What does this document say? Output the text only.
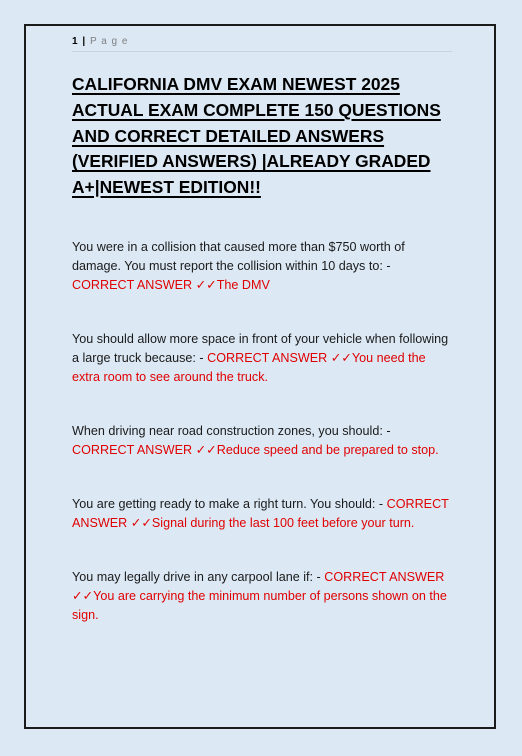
1 | P a g e
CALIFORNIA DMV EXAM NEWEST 2025 ACTUAL EXAM COMPLETE 150 QUESTIONS AND CORRECT DETAILED ANSWERS (VERIFIED ANSWERS) |ALREADY GRADED A+|NEWEST EDITION!!

You were in a collision that caused more than $750 worth of damage. You must report the collision within 10 days to: - CORRECT ANSWER ✓✓The DMV

You should allow more space in front of your vehicle when following a large truck because: - CORRECT ANSWER ✓✓You need the extra room to see around the truck.

When driving near road construction zones, you should: - CORRECT ANSWER ✓✓Reduce speed and be prepared to stop.

You are getting ready to make a right turn. You should: - CORRECT ANSWER ✓✓Signal during the last 100 feet before your turn.

You may legally drive in any carpool lane if: - CORRECT ANSWER ✓✓You are carrying the minimum number of persons shown on the sign.
